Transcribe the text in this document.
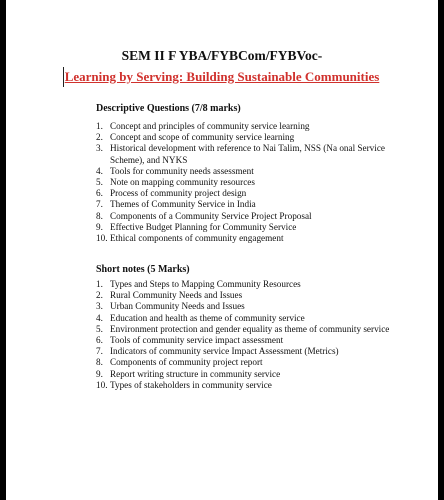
SEM II F YBA/FYBCom/FYBVoc-
Learning by Serving: Building Sustainable Communities
Descriptive Questions (7/8 marks)
1. Concept and principles of community service learning
2. Concept and scope of community service learning
3. Historical development with reference to Nai Talim, NSS (Na onal Service Scheme), and NYKS
4. Tools for community needs assessment
5. Note on mapping community resources
6. Process of community project design
7. Themes of Community Service in India
8. Components of a Community Service Project Proposal
9. Effective Budget Planning for Community Service
10. Ethical components of community engagement
Short notes (5 Marks)
1. Types and Steps to Mapping Community Resources
2. Rural Community Needs and Issues
3. Urban Community Needs and Issues
4. Education and health as theme of community service
5. Environment protection and gender equality as theme of community service
6. Tools of community service impact assessment
7. Indicators of community service Impact Assessment (Metrics)
8. Components of community project report
9. Report writing structure in community service
10. Types of stakeholders in community service
